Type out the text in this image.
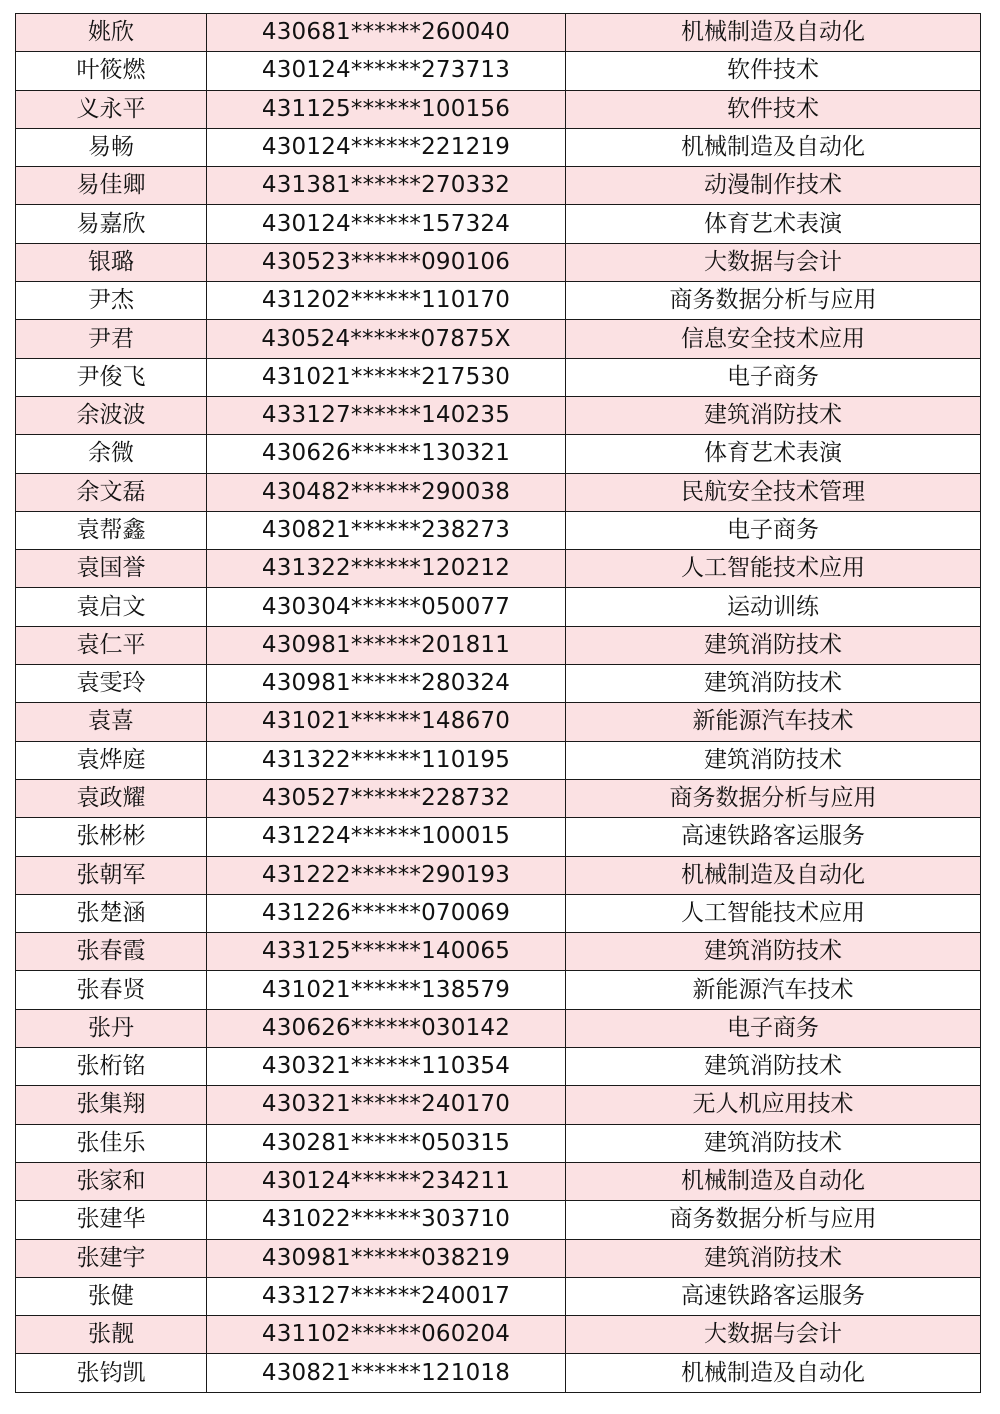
姚欣	430681******260040	机械制造及自动化
叶筱燃	430124******273713	软件技术
义永平	431125******100156	软件技术
易畅	430124******221219	机械制造及自动化
易佳卿	431381******270332	动漫制作技术
易嘉欣	430124******157324	体育艺术表演
银璐	430523******090106	大数据与会计
尹杰	431202******110170	商务数据分析与应用
尹君	430524******07875X	信息安全技术应用
尹俊飞	431021******217530	电子商务
余波波	433127******140235	建筑消防技术
余微	430626******130321	体育艺术表演
余文磊	430482******290038	民航安全技术管理
袁帮鑫	430821******238273	电子商务
袁国誉	431322******120212	人工智能技术应用
袁启文	430304******050077	运动训练
袁仁平	430981******201811	建筑消防技术
袁雯玲	430981******280324	建筑消防技术
袁喜	431021******148670	新能源汽车技术
袁烨庭	431322******110195	建筑消防技术
袁政耀	430527******228732	商务数据分析与应用
张彬彬	431224******100015	高速铁路客运服务
张朝军	431222******290193	机械制造及自动化
张楚涵	431226******070069	人工智能技术应用
张春霞	433125******140065	建筑消防技术
张春贤	431021******138579	新能源汽车技术
张丹	430626******030142	电子商务
张桁铭	430321******110354	建筑消防技术
张集翔	430321******240170	无人机应用技术
张佳乐	430281******050315	建筑消防技术
张家和	430124******234211	机械制造及自动化
张建华	431022******303710	商务数据分析与应用
张建宇	430981******038219	建筑消防技术
张健	433127******240017	高速铁路客运服务
张靓	431102******060204	大数据与会计
张钧凯	430821******121018	机械制造及自动化
